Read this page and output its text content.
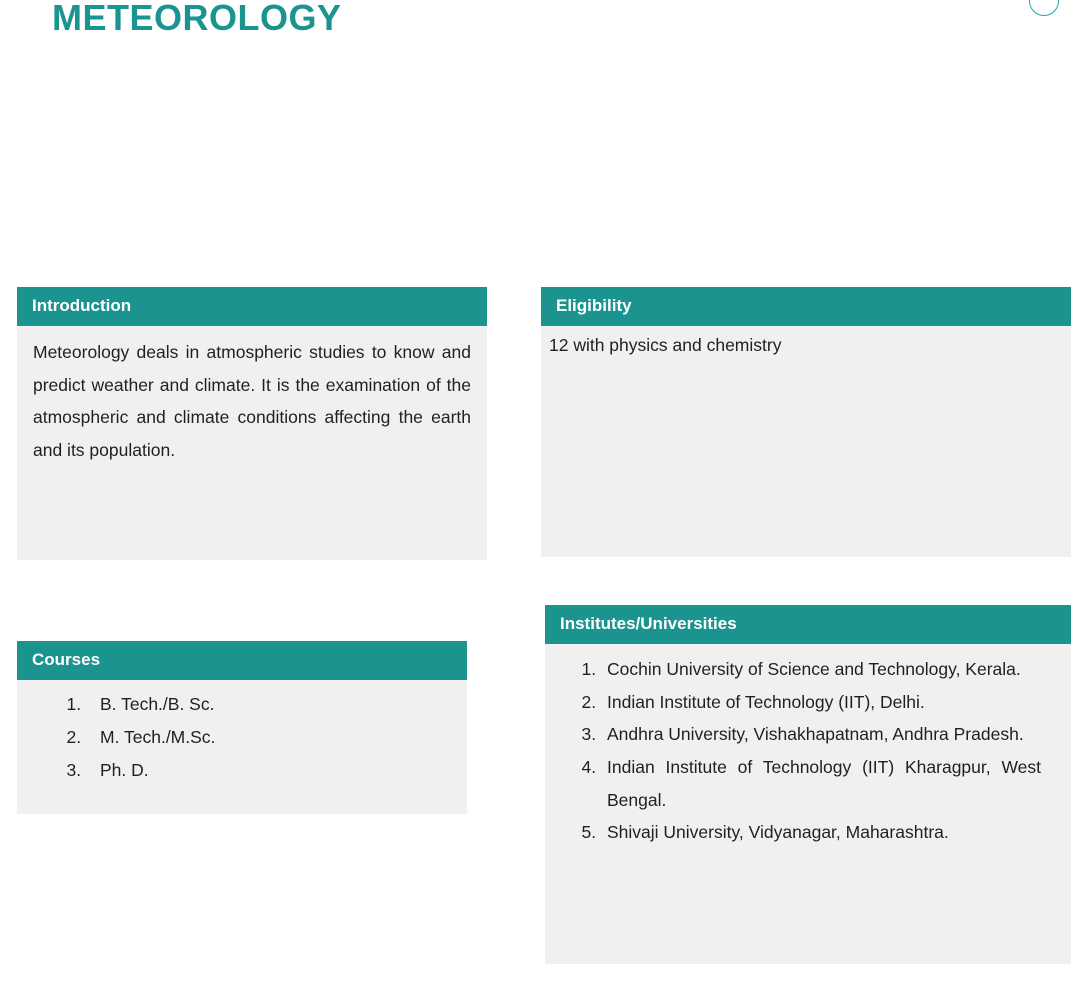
METEOROLOGY
Introduction
Meteorology deals in atmospheric studies to know and predict weather and climate. It is the examination of the atmospheric and climate conditions affecting the earth and its population.
Eligibility
12 with physics and chemistry
Courses
1. B. Tech./B. Sc.
2. M. Tech./M.Sc.
3. Ph. D.
Institutes/Universities
1. Cochin University of Science and Technology, Kerala.
2. Indian Institute of Technology (IIT), Delhi.
3. Andhra University, Vishakhapatnam, Andhra Pradesh.
4. Indian Institute of Technology (IIT) Kharagpur, West Bengal.
5. Shivaji University, Vidyanagar, Maharashtra.
